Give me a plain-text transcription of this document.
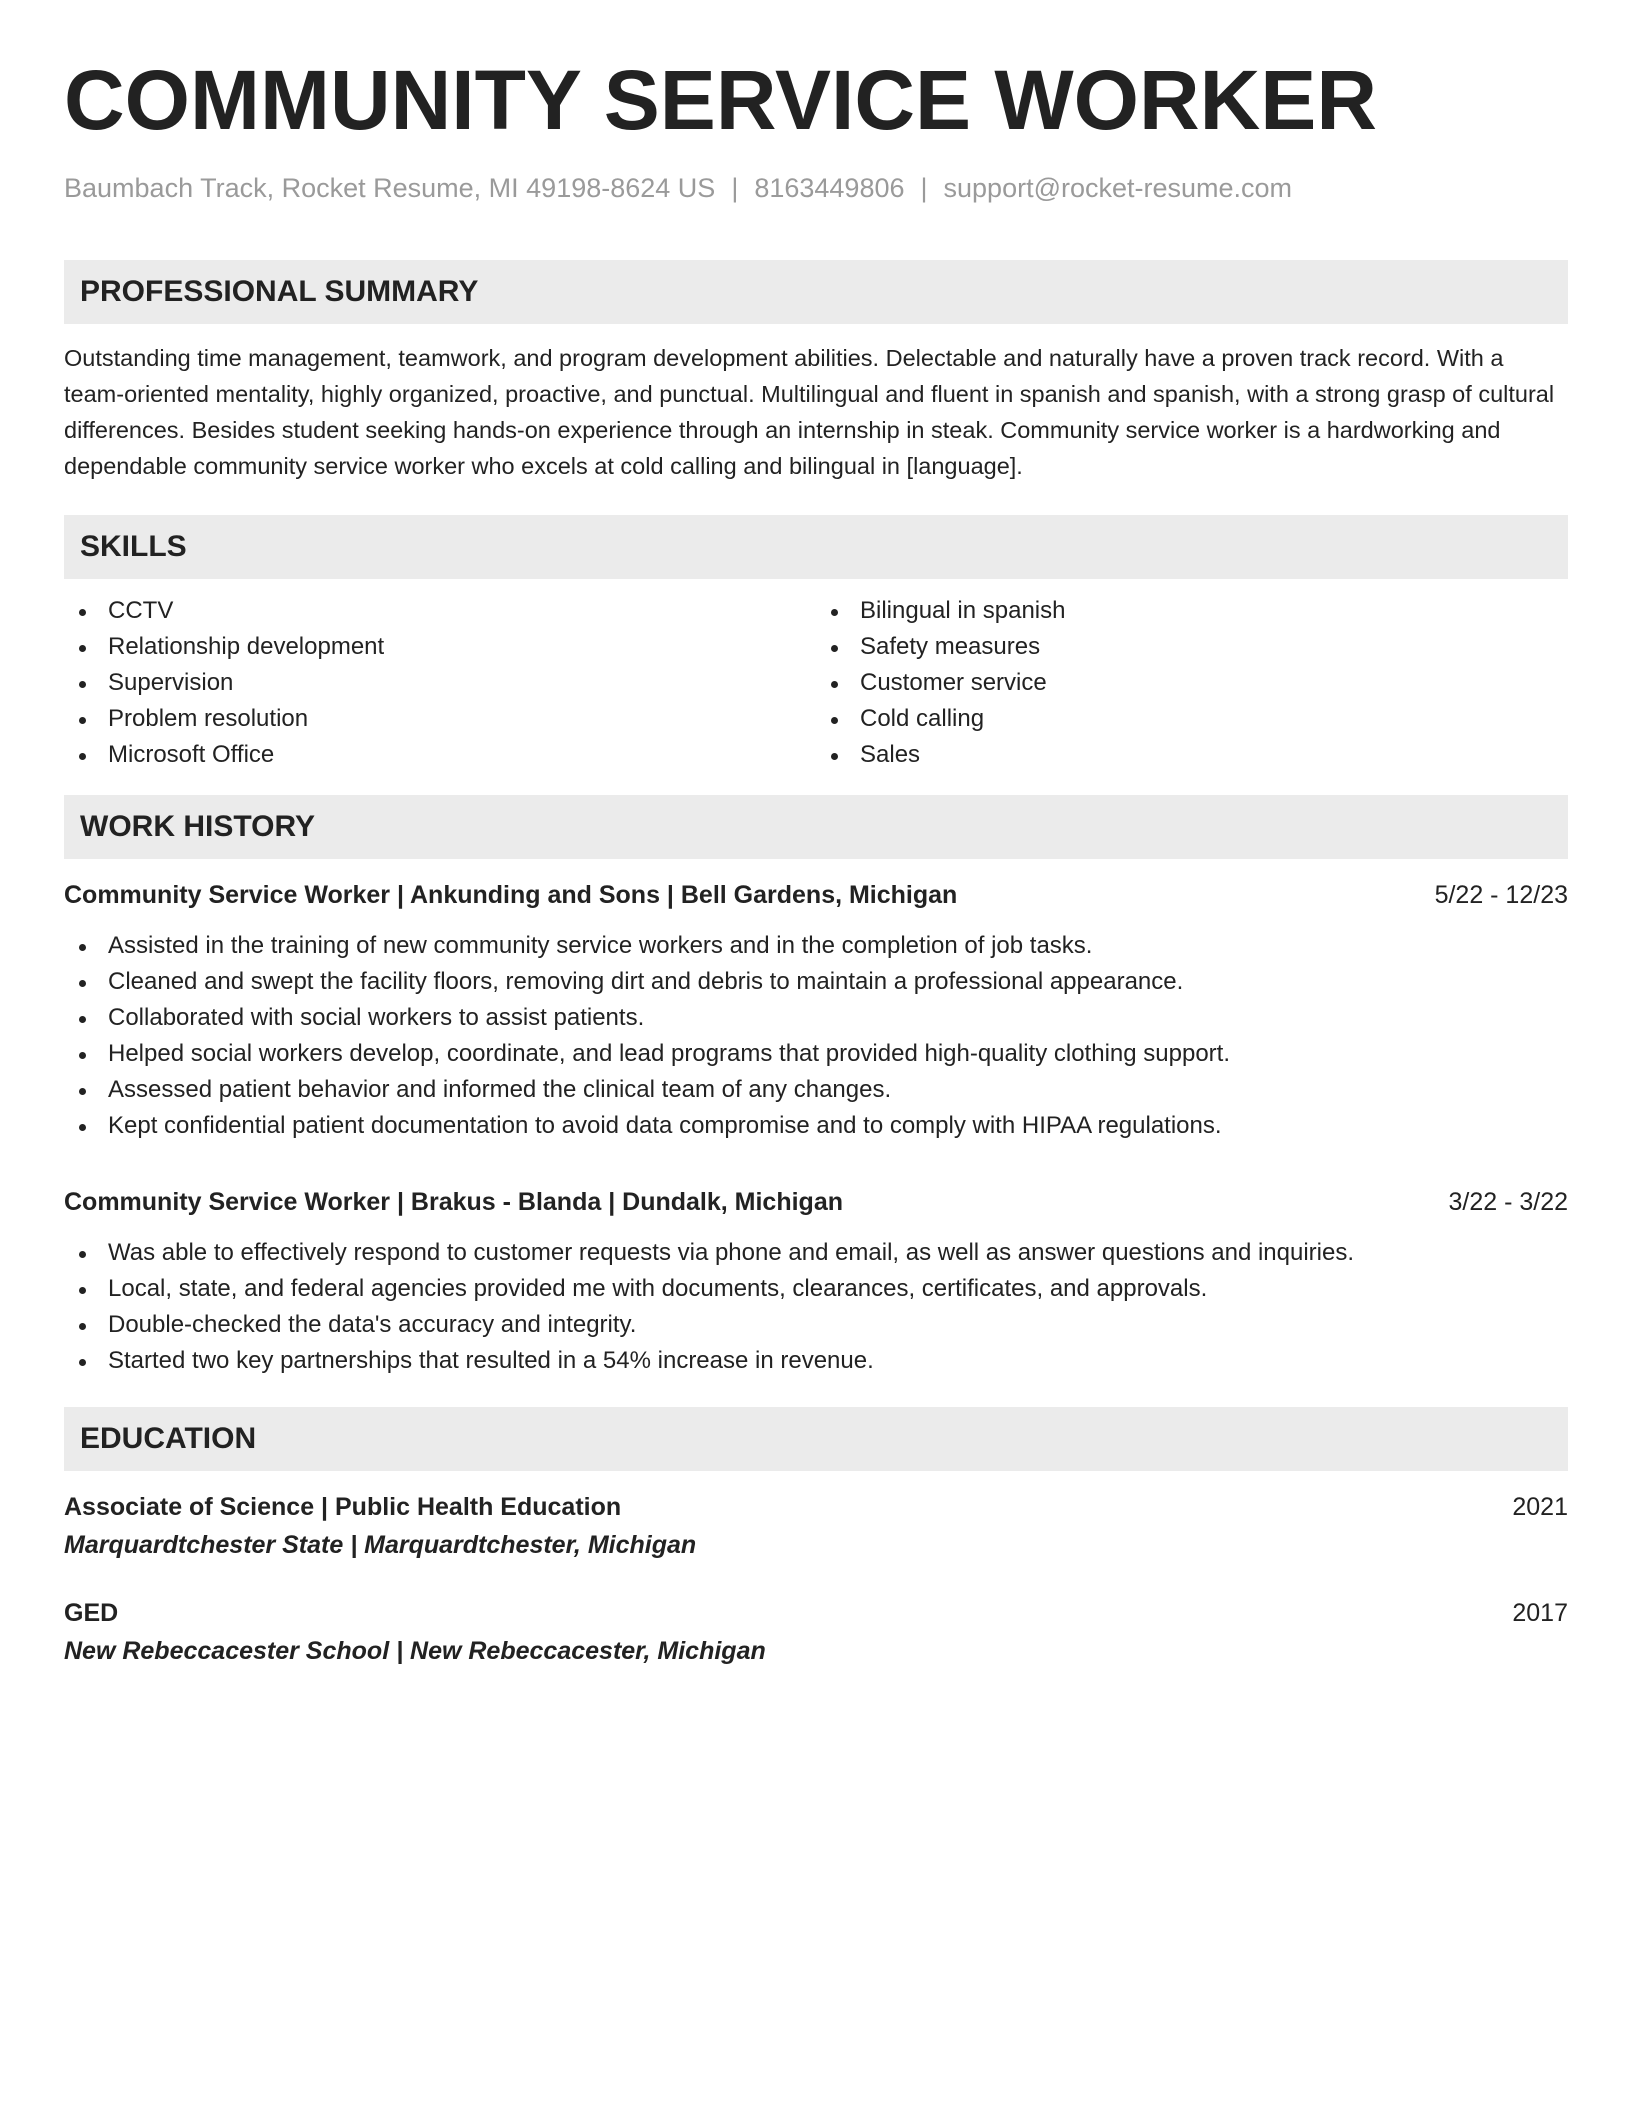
COMMUNITY SERVICE WORKER
Baumbach Track, Rocket Resume, MI 49198-8624 US | 8163449806 | support@rocket-resume.com
PROFESSIONAL SUMMARY
Outstanding time management, teamwork, and program development abilities. Delectable and naturally have a proven track record. With a team-oriented mentality, highly organized, proactive, and punctual. Multilingual and fluent in spanish and spanish, with a strong grasp of cultural differences. Besides student seeking hands-on experience through an internship in steak. Community service worker is a hardworking and dependable community service worker who excels at cold calling and bilingual in [language].
SKILLS
CCTV
Relationship development
Supervision
Problem resolution
Microsoft Office
Bilingual in spanish
Safety measures
Customer service
Cold calling
Sales
WORK HISTORY
Community Service Worker | Ankunding and Sons | Bell Gardens, Michigan	5/22 - 12/23
Assisted in the training of new community service workers and in the completion of job tasks.
Cleaned and swept the facility floors, removing dirt and debris to maintain a professional appearance.
Collaborated with social workers to assist patients.
Helped social workers develop, coordinate, and lead programs that provided high-quality clothing support.
Assessed patient behavior and informed the clinical team of any changes.
Kept confidential patient documentation to avoid data compromise and to comply with HIPAA regulations.
Community Service Worker | Brakus - Blanda | Dundalk, Michigan	3/22 - 3/22
Was able to effectively respond to customer requests via phone and email, as well as answer questions and inquiries.
Local, state, and federal agencies provided me with documents, clearances, certificates, and approvals.
Double-checked the data's accuracy and integrity.
Started two key partnerships that resulted in a 54% increase in revenue.
EDUCATION
Associate of Science | Public Health Education	2021
Marquardtchester State | Marquardtchester, Michigan
GED	2017
New Rebeccacester School | New Rebeccacester, Michigan
